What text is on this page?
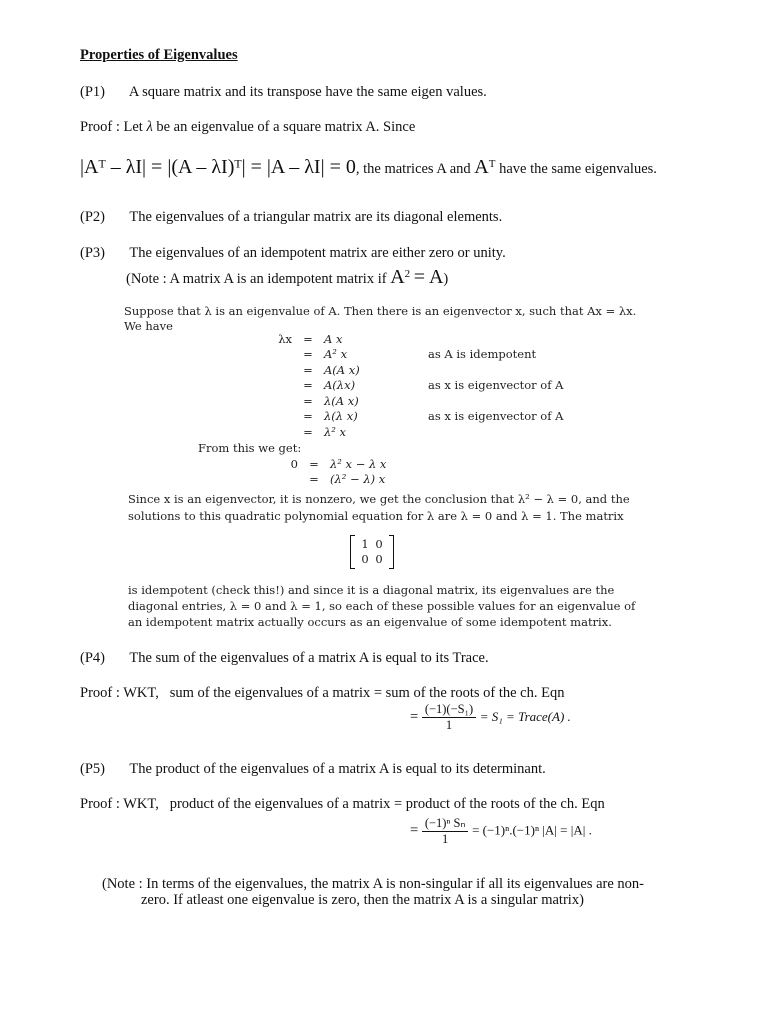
Properties of Eigenvalues
(P1) A square matrix and its transpose have the same eigen values.
Proof : Let λ be an eigenvalue of a square matrix A. Since
|Aᵀ – λI| = |(A – λI)ᵀ| = |A – λI| = 0, the matrices A and $A^T$ have the same eigenvalues.
(P2) The eigenvalues of a triangular matrix are its diagonal elements.
(P3) The eigenvalues of an idempotent matrix are either zero or unity.
(Note : A matrix A is an idempotent matrix if $A^2 = A$)
Suppose that λ is an eigenvalue of A. Then there is an eigenvector x, such that Ax = λx.
We have
λx	=	A x	
	=	A² x	as A is idempotent
	=	A(A x)	
	=	A(λx)	as x is eigenvector of A
	=	λ(A x)	
	=	λ(λ x)	as x is eigenvector of A
	=	λ² x	
From this we get:
0	=	λ² x − λ x
	=	(λ² − λ) x
Since x is an eigenvector, it is nonzero, we get the conclusion that λ² − λ = 0, and the
solutions to this quadratic polynomial equation for λ are λ = 0 and λ = 1. The matrix
1 0
0 0
is idempotent (check this!) and since it is a diagonal matrix, its eigenvalues are the
diagonal entries, λ = 0 and λ = 1, so each of these possible values for an eigenvalue of
an idempotent matrix actually occurs as an eigenvalue of some idempotent matrix.
(P4) The sum of the eigenvalues of a matrix A is equal to its Trace.
Proof : WKT, sum of the eigenvalues of a matrix = sum of the roots of the ch. Eqn
= $\frac{\text{(−1)(−S₁)}}{1} = S_1$ = Trace(A) .
(P5) The product of the eigenvalues of a matrix A is equal to its determinant.
Proof : WKT, product of the eigenvalues of a matrix = product of the roots of the ch. Eqn
= $\frac{\text{(−1)ⁿ Sₙ}}{1} = (-1)^n.(-1)^n$ |A| = |A| .
(Note : In terms of the eigenvalues, the matrix A is non-singular if all its eigenvalues are non-
zero. If atleast one eigenvalue is zero, then the matrix A is a singular matrix)
